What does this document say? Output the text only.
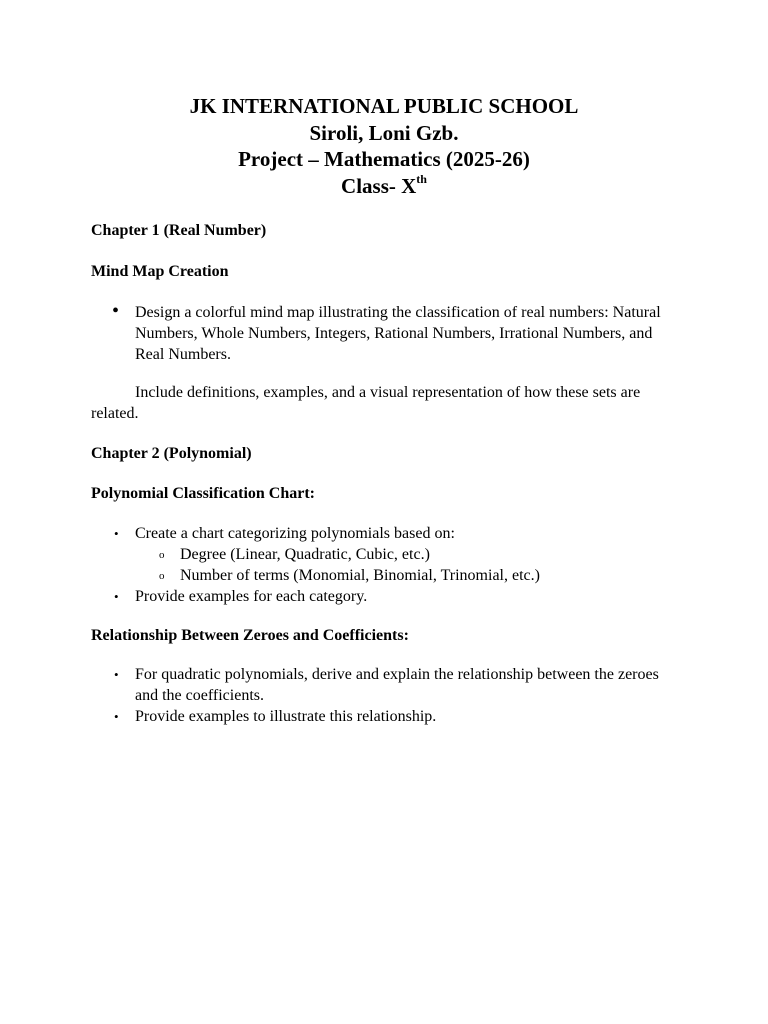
JK INTERNATIONAL PUBLIC SCHOOL
Siroli, Loni Gzb.
Project – Mathematics (2025-26)
Class- Xth

Chapter 1 (Real Number)

Mind Map Creation

• Design a colorful mind map illustrating the classification of real numbers: Natural Numbers, Whole Numbers, Integers, Rational Numbers, Irrational Numbers, and Real Numbers.

Include definitions, examples, and a visual representation of how these sets are related.

Chapter 2 (Polynomial)

Polynomial Classification Chart:

• Create a chart categorizing polynomials based on:
o Degree (Linear, Quadratic, Cubic, etc.)
o Number of terms (Monomial, Binomial, Trinomial, etc.)
• Provide examples for each category.

Relationship Between Zeroes and Coefficients:

• For quadratic polynomials, derive and explain the relationship between the zeroes and the coefficients.
• Provide examples to illustrate this relationship.
